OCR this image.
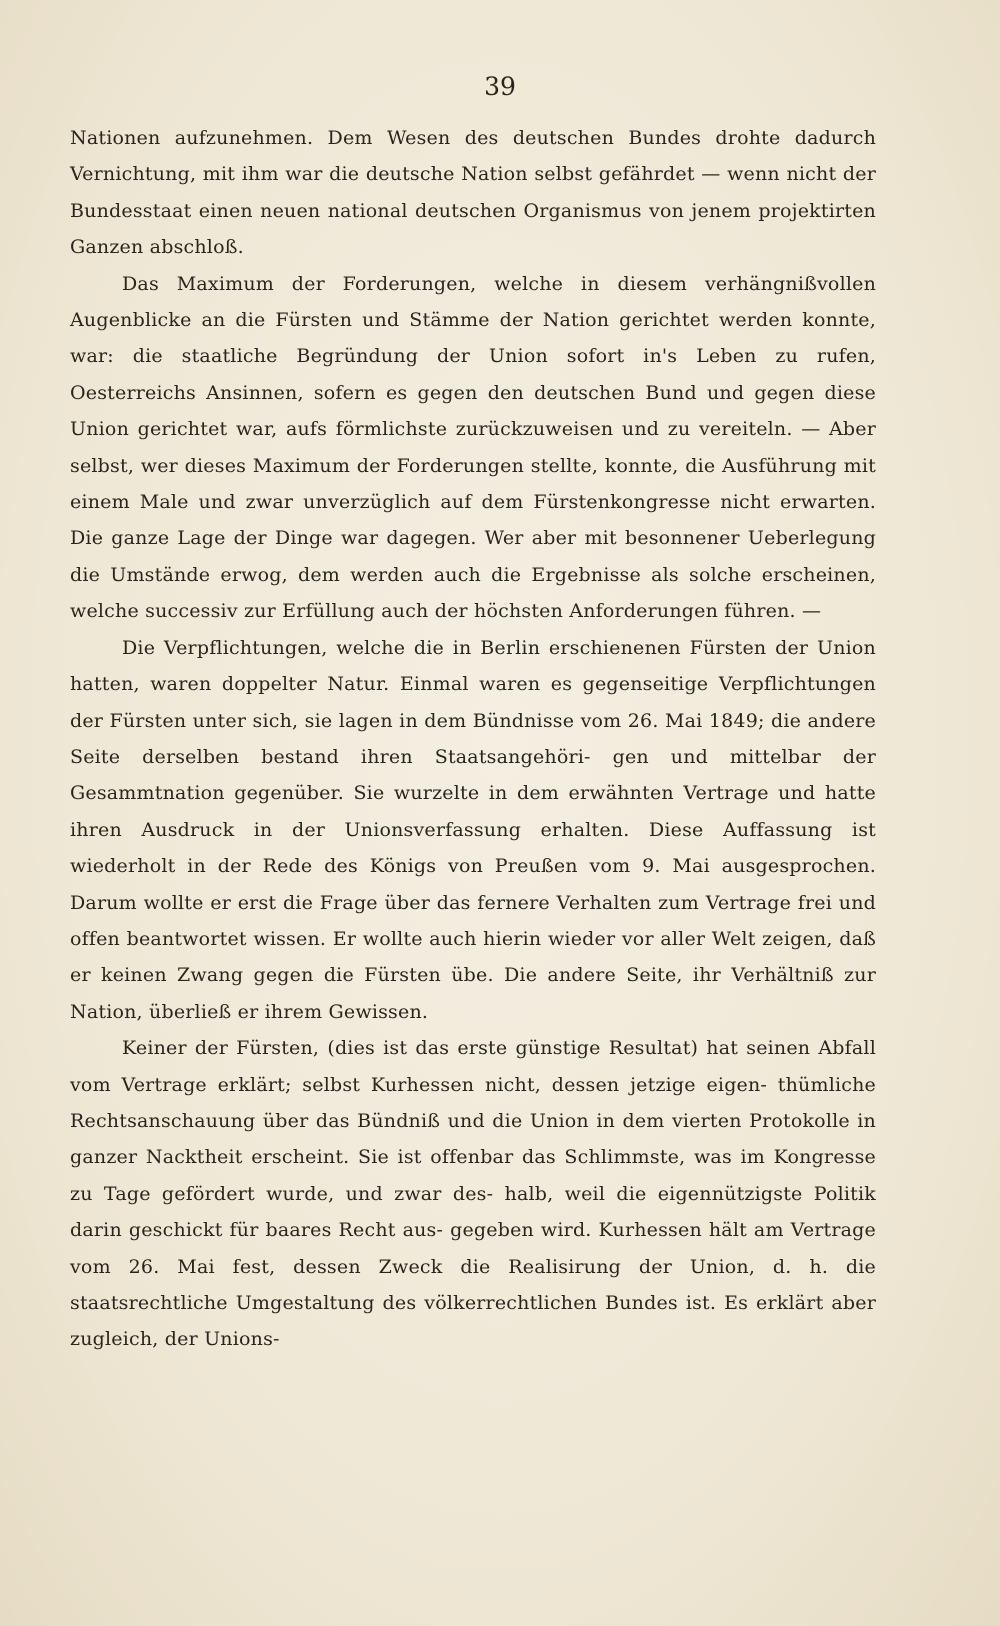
39

Nationen aufzunehmen. Dem Wesen des deutschen Bundes drohte dadurch Vernichtung, mit ihm war die deutsche Nation selbst gefährdet — wenn nicht der Bundesstaat einen neuen national deutschen Organismus von jenem projektirten Ganzen abschloß.

Das Maximum der Forderungen, welche in diesem verhängnißvollen Augenblicke an die Fürsten und Stämme der Nation gerichtet werden konnte, war: die staatliche Begründung der Union sofort in's Leben zu rufen, Oesterreichs Ansinnen, sofern es gegen den deutschen Bund und gegen diese Union gerichtet war, aufs förmlichste zurückzuweisen und zu vereiteln. — Aber selbst, wer dieses Maximum der Forderungen stellte, konnte, die Ausführung mit einem Male und zwar unverzüglich auf dem Fürstenkongresse nicht erwarten. Die ganze Lage der Dinge war dagegen. Wer aber mit besonnener Ueberlegung die Umstände erwog, dem werden auch die Ergebnisse als solche erscheinen, welche successiv zur Erfüllung auch der höchsten Anforderungen führen. —

Die Verpflichtungen, welche die in Berlin erschienenen Fürsten der Union hatten, waren doppelter Natur. Einmal waren es gegenseitige Verpflichtungen der Fürsten unter sich, sie lagen in dem Bündnisse vom 26. Mai 1849; die andere Seite derselben bestand ihren Staatsangehöri- gen und mittelbar der Gesammtnation gegenüber. Sie wurzelte in dem erwähnten Vertrage und hatte ihren Ausdruck in der Unionsverfassung erhalten. Diese Auffassung ist wiederholt in der Rede des Königs von Preußen vom 9. Mai ausgesprochen. Darum wollte er erst die Frage über das fernere Verhalten zum Vertrage frei und offen beantwortet wissen. Er wollte auch hierin wieder vor aller Welt zeigen, daß er keinen Zwang gegen die Fürsten übe. Die andere Seite, ihr Verhältniß zur Nation, überließ er ihrem Gewissen.

Keiner der Fürsten, (dies ist das erste günstige Resultat) hat seinen Abfall vom Vertrage erklärt; selbst Kurhessen nicht, dessen jetzige eigen- thümliche Rechtsanschauung über das Bündniß und die Union in dem vierten Protokolle in ganzer Nacktheit erscheint. Sie ist offenbar das Schlimmste, was im Kongresse zu Tage gefördert wurde, und zwar des- halb, weil die eigennützigste Politik darin geschickt für baares Recht aus- gegeben wird. Kurhessen hält am Vertrage vom 26. Mai fest, dessen Zweck die Realisirung der Union, d. h. die staatsrechtliche Umgestaltung des völkerrechtlichen Bundes ist. Es erklärt aber zugleich, der Unions-
